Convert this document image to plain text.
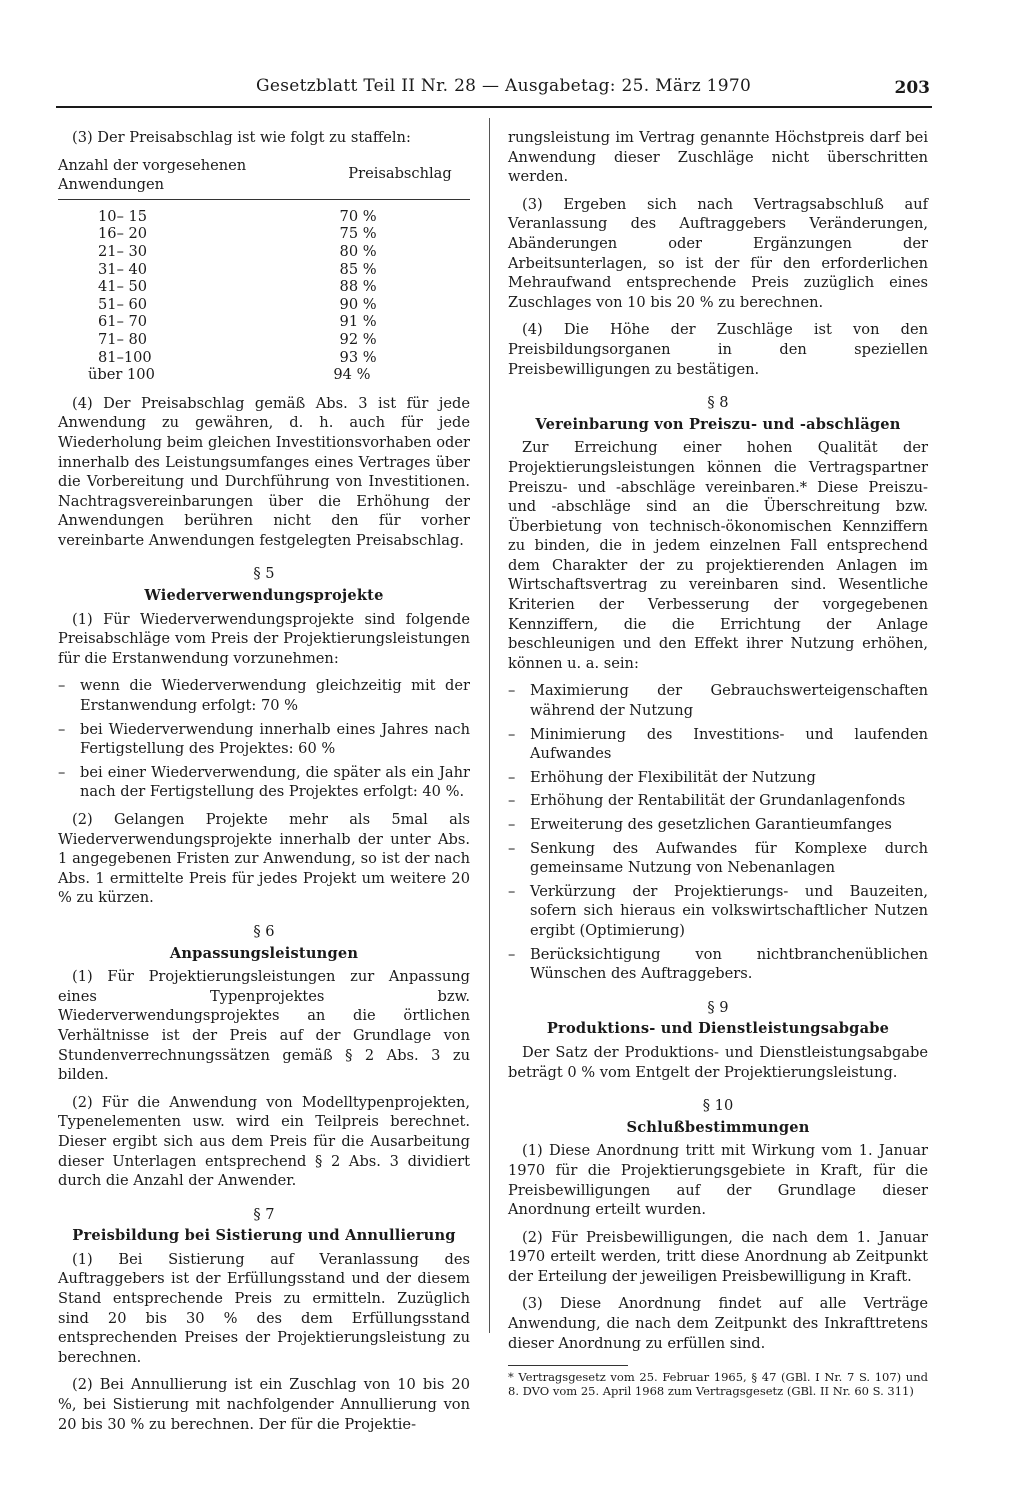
Gesetzblatt Teil II Nr. 28 — Ausgabetag: 25. März 1970	203

(3) Der Preisabschlag ist wie folgt zu staffeln:

Anzahl der vorgesehenen Anwendungen
Preisabschlag
10– 15	70 %
16– 20	75 %
21– 30	80 %
31– 40	85 %
41– 50	88 %
51– 60	90 %
61– 70	91 %
71– 80	92 %
81–100	93 %
über 100	94 %

(4) Der Preisabschlag gemäß Abs. 3 ist für jede Anwendung zu gewähren, d. h. auch für jede Wiederholung beim gleichen Investitionsvorhaben oder innerhalb des Leistungsumfanges eines Vertrages über die Vorbereitung und Durchführung von Investitionen. Nachtragsvereinbarungen über die Erhöhung der Anwendungen berühren nicht den für vorher vereinbarte Anwendungen festgelegten Preisabschlag.

§ 5
Wiederverwendungsprojekte

(1) Für Wiederverwendungsprojekte sind folgende Preisabschläge vom Preis der Projektierungsleistungen für die Erstanwendung vorzunehmen:

– wenn die Wiederverwendung gleichzeitig mit der Erstanwendung erfolgt: 70 %
– bei Wiederverwendung innerhalb eines Jahres nach Fertigstellung des Projektes: 60 %
– bei einer Wiederverwendung, die später als ein Jahr nach der Fertigstellung des Projektes erfolgt: 40 %.

(2) Gelangen Projekte mehr als 5mal als Wiederverwendungsprojekte innerhalb der unter Abs. 1 angegebenen Fristen zur Anwendung, so ist der nach Abs. 1 ermittelte Preis für jedes Projekt um weitere 20 % zu kürzen.

§ 6
Anpassungsleistungen

(1) Für Projektierungsleistungen zur Anpassung eines Typenprojektes bzw. Wiederverwendungsprojektes an die örtlichen Verhältnisse ist der Preis auf der Grundlage von Stundenverrechnungssätzen gemäß § 2 Abs. 3 zu bilden.

(2) Für die Anwendung von Modelltypenprojekten, Typenelementen usw. wird ein Teilpreis berechnet. Dieser ergibt sich aus dem Preis für die Ausarbeitung dieser Unterlagen entsprechend § 2 Abs. 3 dividiert durch die Anzahl der Anwender.

§ 7
Preisbildung bei Sistierung und Annullierung

(1) Bei Sistierung auf Veranlassung des Auftraggebers ist der Erfüllungsstand und der diesem Stand entsprechende Preis zu ermitteln. Zuzüglich sind 20 bis 30 % des dem Erfüllungsstand entsprechenden Preises der Projektierungsleistung zu berechnen.

(2) Bei Annullierung ist ein Zuschlag von 10 bis 20 %, bei Sistierung mit nachfolgender Annullierung von 20 bis 30 % zu berechnen. Der für die Projektie-

rungsleistung im Vertrag genannte Höchstpreis darf bei Anwendung dieser Zuschläge nicht überschritten werden.

(3) Ergeben sich nach Vertragsabschluß auf Veranlassung des Auftraggebers Veränderungen, Abänderungen oder Ergänzungen der Arbeitsunterlagen, so ist der für den erforderlichen Mehraufwand entsprechende Preis zuzüglich eines Zuschlages von 10 bis 20 % zu berechnen.

(4) Die Höhe der Zuschläge ist von den Preisbildungsorganen in den speziellen Preisbewilligungen zu bestätigen.

§ 8
Vereinbarung von Preiszu- und -abschlägen

Zur Erreichung einer hohen Qualität der Projektierungsleistungen können die Vertragspartner Preiszu- und -abschläge vereinbaren.* Diese Preiszu- und -abschläge sind an die Überschreitung bzw. Überbietung von technisch-ökonomischen Kennziffern zu binden, die in jedem einzelnen Fall entsprechend dem Charakter der zu projektierenden Anlagen im Wirtschaftsvertrag zu vereinbaren sind. Wesentliche Kriterien der Verbesserung der vorgegebenen Kennziffern, die die Errichtung der Anlage beschleunigen und den Effekt ihrer Nutzung erhöhen, können u. a. sein:

– Maximierung der Gebrauchswerteigenschaften während der Nutzung
– Minimierung des Investitions- und laufenden Aufwandes
– Erhöhung der Flexibilität der Nutzung
– Erhöhung der Rentabilität der Grundanlagenfonds
– Erweiterung des gesetzlichen Garantieumfanges
– Senkung des Aufwandes für Komplexe durch gemeinsame Nutzung von Nebenanlagen
– Verkürzung der Projektierungs- und Bauzeiten, sofern sich hieraus ein volkswirtschaftlicher Nutzen ergibt (Optimierung)
– Berücksichtigung von nichtbranchenüblichen Wünschen des Auftraggebers.
§ 9
Produktions- und Dienstleistungsabgabe

Der Satz der Produktions- und Dienstleistungsabgabe beträgt 0 % vom Entgelt der Projektierungsleistung.

§ 10
Schlußbestimmungen

(1) Diese Anordnung tritt mit Wirkung vom 1. Januar 1970 für die Projektierungsgebiete in Kraft, für die Preisbewilligungen auf der Grundlage dieser Anordnung erteilt wurden.

(2) Für Preisbewilligungen, die nach dem 1. Januar 1970 erteilt werden, tritt diese Anordnung ab Zeitpunkt der Erteilung der jeweiligen Preisbewilligung in Kraft.

(3) Diese Anordnung findet auf alle Verträge Anwendung, die nach dem Zeitpunkt des Inkrafttretens dieser Anordnung zu erfüllen sind.

* Vertragsgesetz vom 25. Februar 1965, § 47 (GBl. I Nr. 7 S. 107) und 8. DVO vom 25. April 1968 zum Vertragsgesetz (GBl. II Nr. 60 S. 311)
